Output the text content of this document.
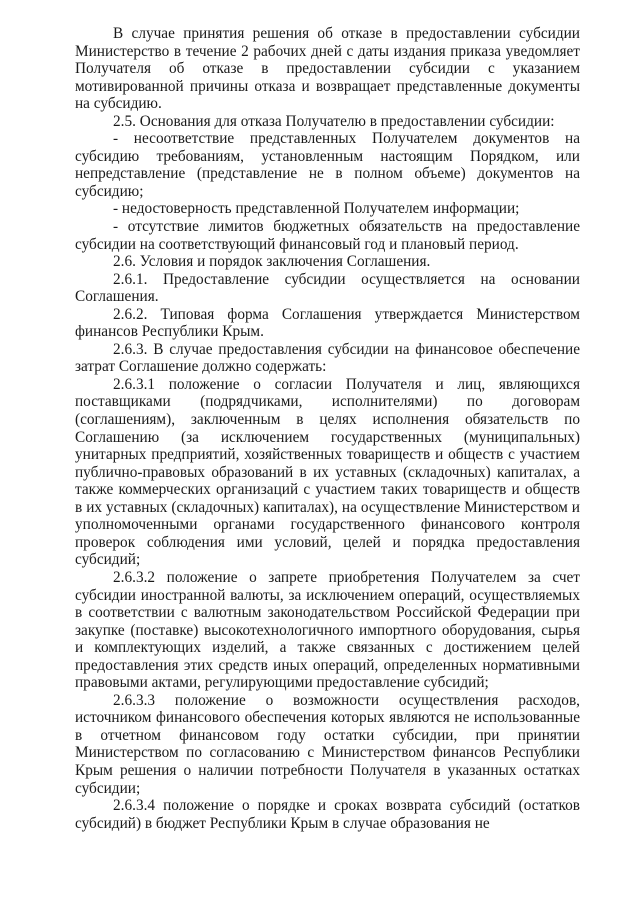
В случае принятия решения об отказе в предоставлении субсидии Министерство в течение 2 рабочих дней с даты издания приказа уведомляет Получателя об отказе в предоставлении субсидии с указанием мотивированной причины отказа и возвращает представленные документы на субсидию.

2.5. Основания для отказа Получателю в предоставлении субсидии:

- несоответствие представленных Получателем документов на субсидию требованиям, установленным настоящим Порядком, или непредставление (представление не в полном объеме) документов на субсидию;

- недостоверность представленной Получателем информации;

- отсутствие лимитов бюджетных обязательств на предоставление субсидии на соответствующий финансовый год и плановый период.

2.6. Условия и порядок заключения Соглашения.

2.6.1. Предоставление субсидии осуществляется на основании Соглашения.

2.6.2. Типовая форма Соглашения утверждается Министерством финансов Республики Крым.

2.6.3. В случае предоставления субсидии на финансовое обеспечение затрат Соглашение должно содержать:

2.6.3.1 положение о согласии Получателя и лиц, являющихся поставщиками (подрядчиками, исполнителями) по договорам (соглашениям), заключенным в целях исполнения обязательств по Соглашению (за исключением государственных (муниципальных) унитарных предприятий, хозяйственных товариществ и обществ с участием публично-правовых образований в их уставных (складочных) капиталах, а также коммерческих организаций с участием таких товариществ и обществ в их уставных (складочных) капиталах), на осуществление Министерством и уполномоченными органами государственного финансового контроля проверок соблюдения ими условий, целей и порядка предоставления субсидий;

2.6.3.2 положение о запрете приобретения Получателем за счет субсидии иностранной валюты, за исключением операций, осуществляемых в соответствии с валютным законодательством Российской Федерации при закупке (поставке) высокотехнологичного импортного оборудования, сырья и комплектующих изделий, а также связанных с достижением целей предоставления этих средств иных операций, определенных нормативными правовыми актами, регулирующими предоставление субсидий;

2.6.3.3 положение о возможности осуществления расходов, источником финансового обеспечения которых являются не использованные в отчетном финансовом году остатки субсидии, при принятии Министерством по согласованию с Министерством финансов Республики Крым решения о наличии потребности Получателя в указанных остатках субсидии;

2.6.3.4 положение о порядке и сроках возврата субсидий (остатков субсидий) в бюджет Республики Крым в случае образования не
